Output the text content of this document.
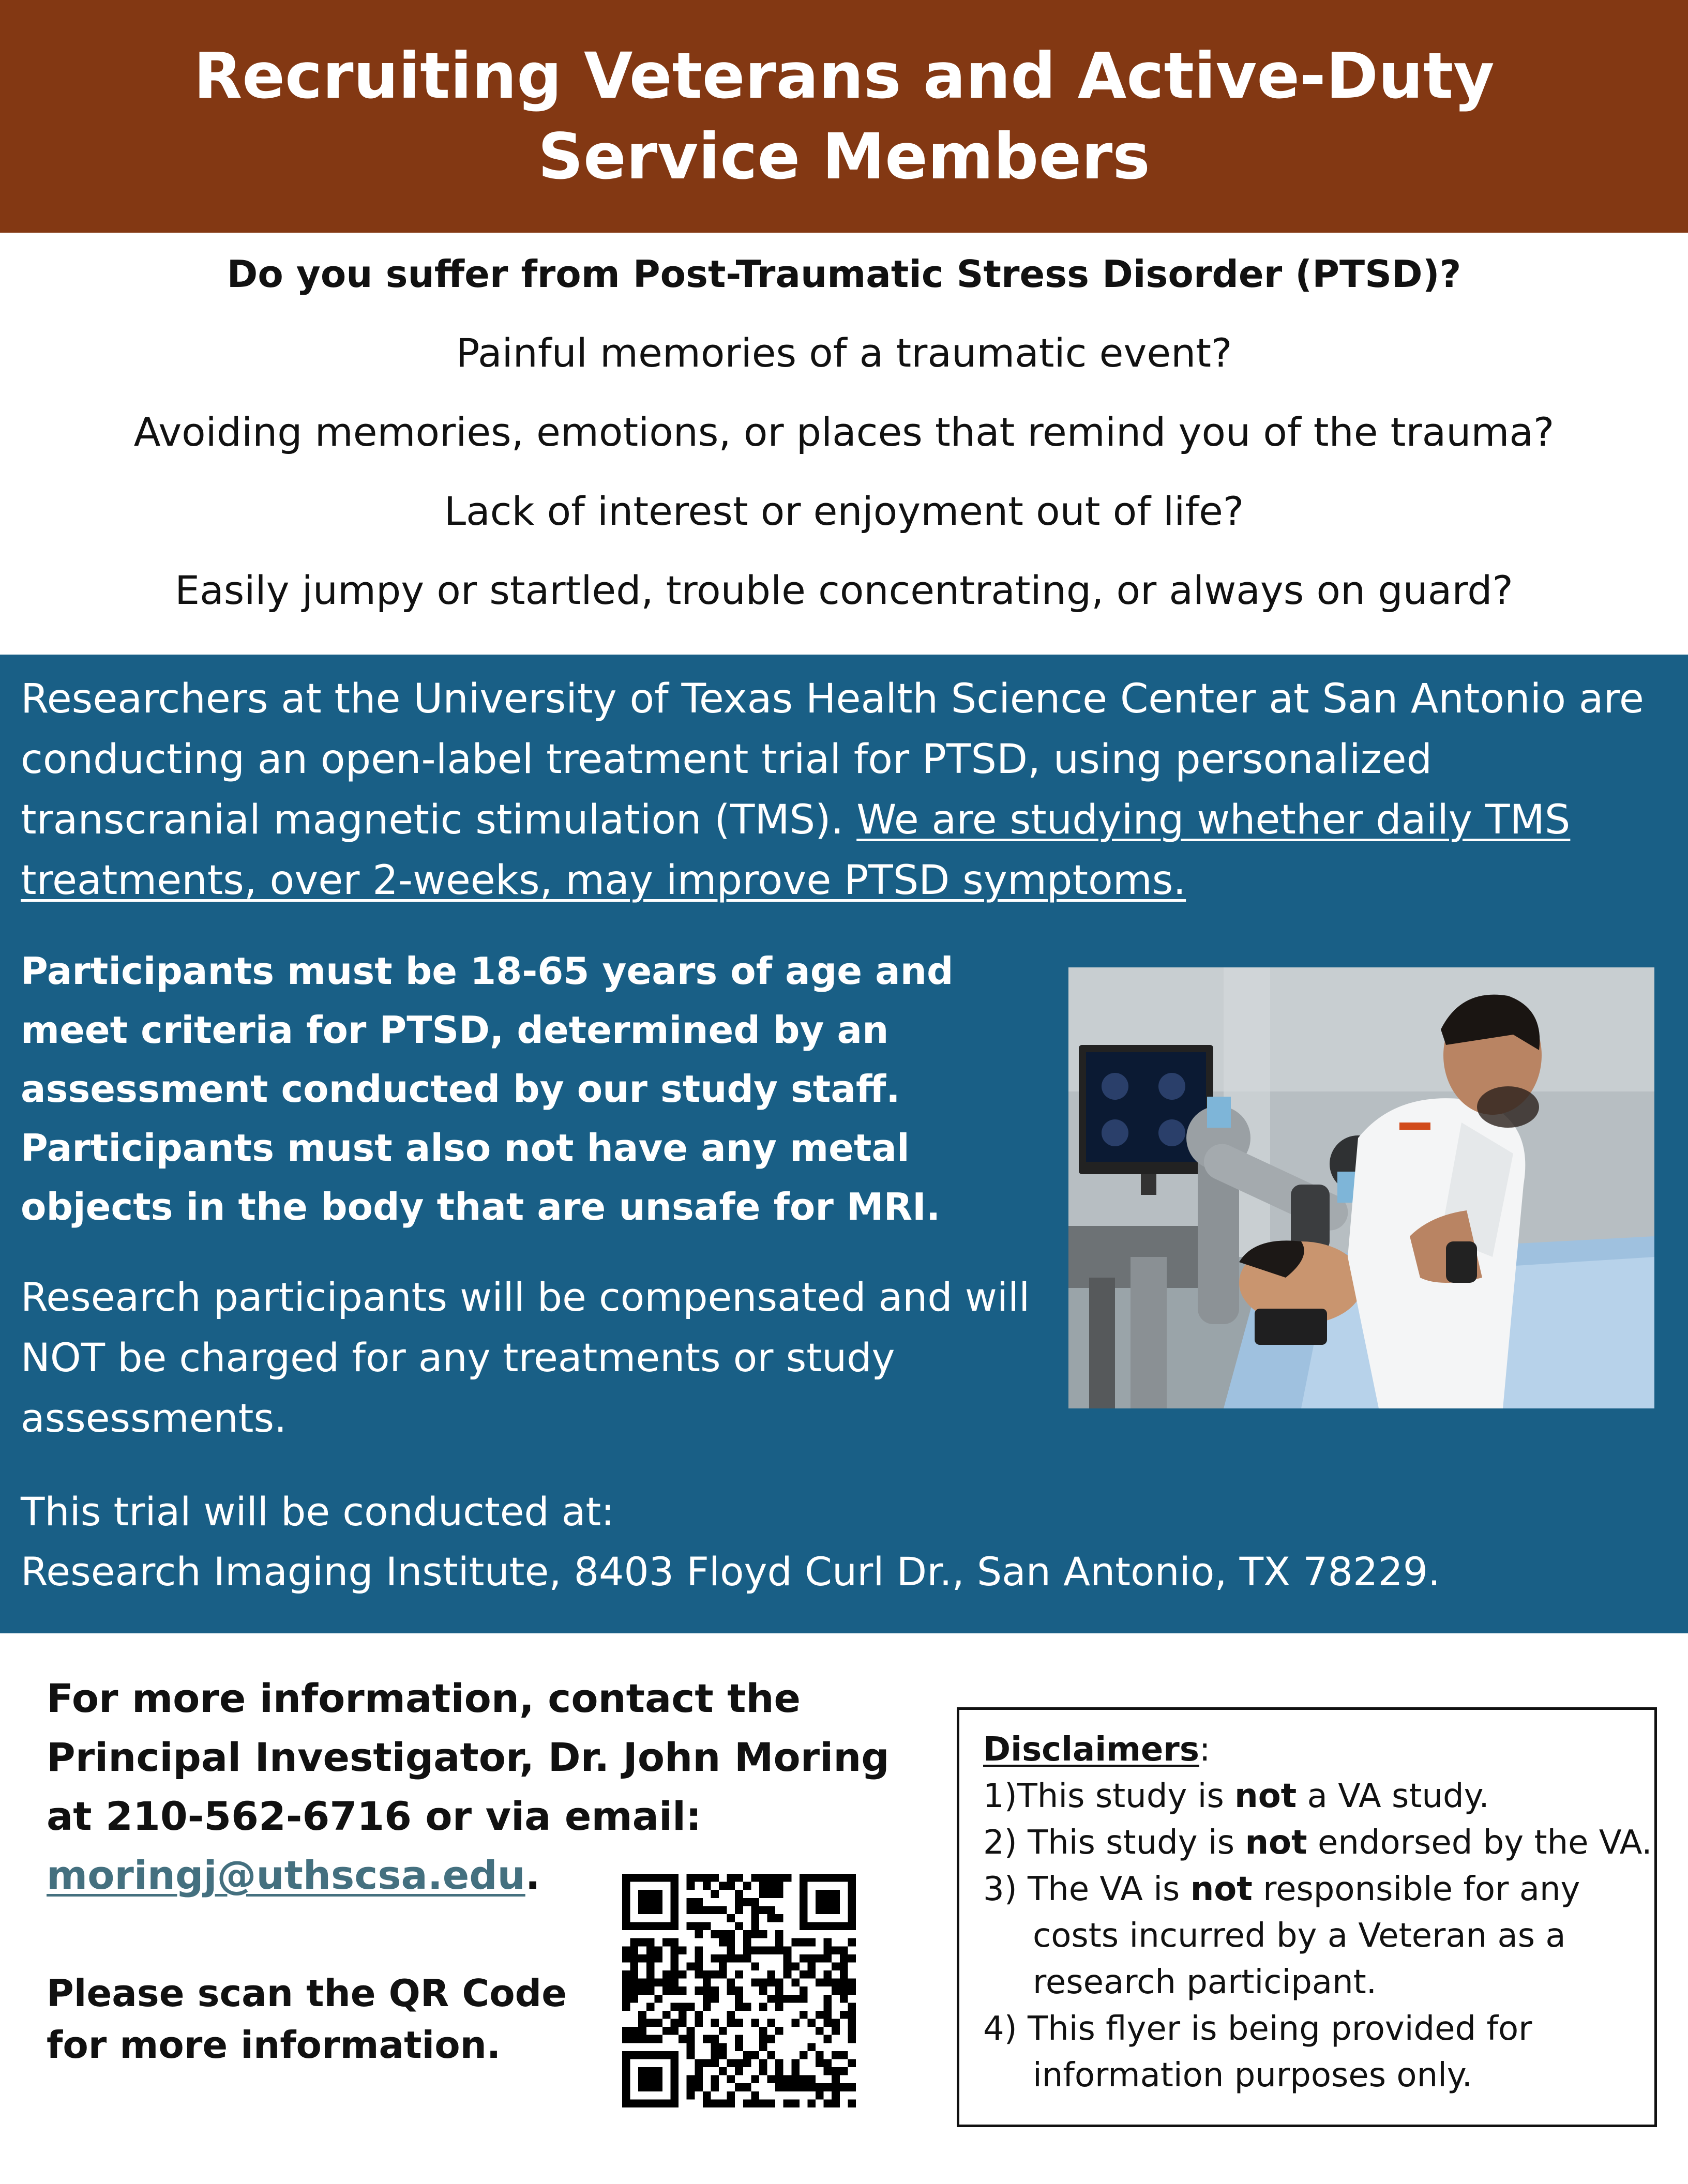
Recruiting Veterans and Active-Duty
Service Members
Do you suffer from Post-Traumatic Stress Disorder (PTSD)?
Painful memories of a traumatic event?
Avoiding memories, emotions, or places that remind you of the trauma?
Lack of interest or enjoyment out of life?
Easily jumpy or startled, trouble concentrating, or always on guard?
Researchers at the University of Texas Health Science Center at San Antonio are conducting an open-label treatment trial for PTSD, using personalized transcranial magnetic stimulation (TMS). We are studying whether daily TMS treatments, over 2-weeks, may improve PTSD symptoms.
Participants must be 18-65 years of age and meet criteria for PTSD, determined by an assessment conducted by our study staff. Participants must also not have any metal objects in the body that are unsafe for MRI.
Research participants will be compensated and will NOT be charged for any treatments or study assessments.
This trial will be conducted at:
Research Imaging Institute, 8403 Floyd Curl Dr., San Antonio, TX 78229.
For more information, contact the Principal Investigator, Dr. John Moring at 210-562-6716 or via email: moringj@uthscsa.edu.
Please scan the QR Code for more information.
Disclaimers:
1)This study is not a VA study.
2) This study is not endorsed by the VA.
3) The VA is not responsible for any
costs incurred by a Veteran as a
research participant.
4) This flyer is being provided for
information purposes only.
